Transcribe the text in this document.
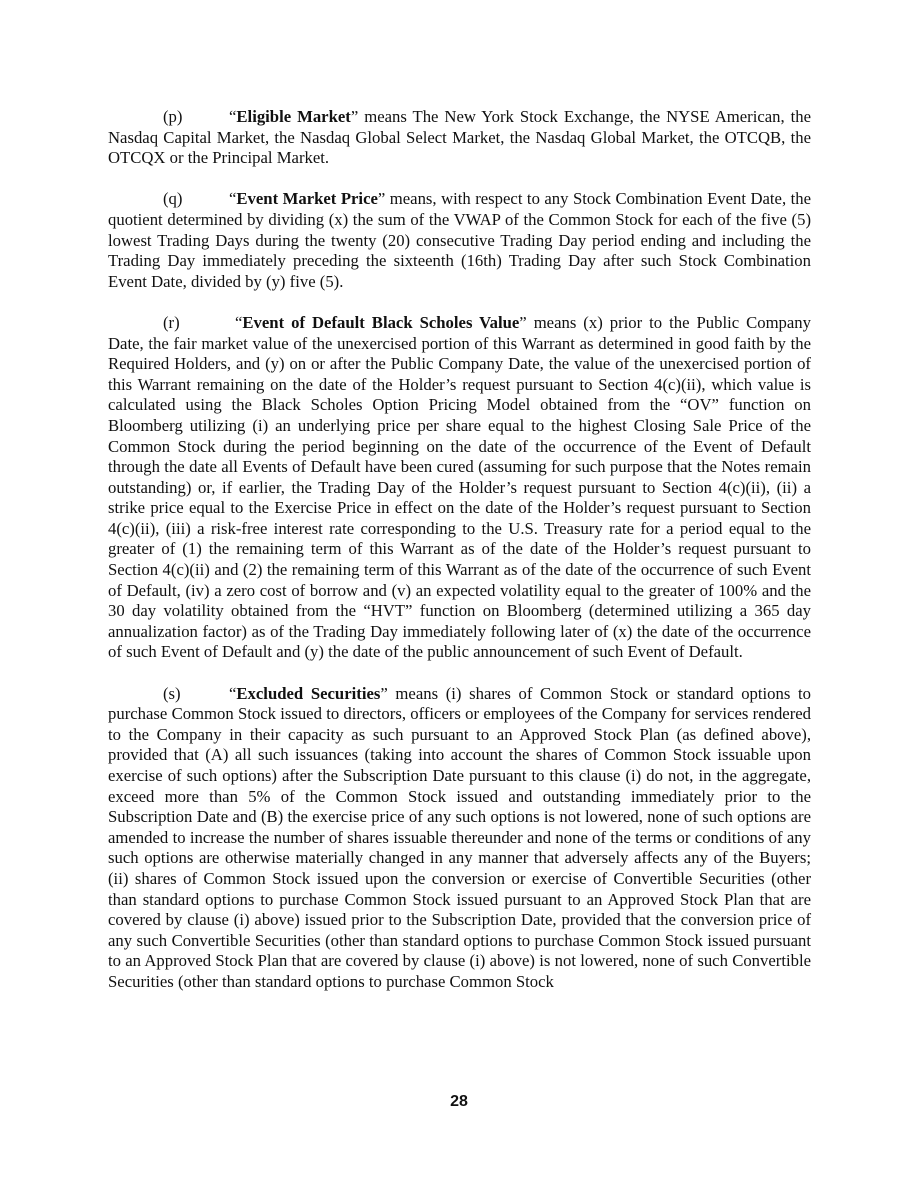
(p)	“Eligible Market” means The New York Stock Exchange, the NYSE American, the Nasdaq Capital Market, the Nasdaq Global Select Market, the Nasdaq Global Market, the OTCQB, the OTCQX or the Principal Market.

(q)	“Event Market Price” means, with respect to any Stock Combination Event Date, the quotient determined by dividing (x) the sum of the VWAP of the Common Stock for each of the five (5) lowest Trading Days during the twenty (20) consecutive Trading Day period ending and including the Trading Day immediately preceding the sixteenth (16th) Trading Day after such Stock Combination Event Date, divided by (y) five (5).

(r)	“Event of Default Black Scholes Value” means (x) prior to the Public Company Date, the fair market value of the unexercised portion of this Warrant as determined in good faith by the Required Holders, and (y) on or after the Public Company Date, the value of the unexercised portion of this Warrant remaining on the date of the Holder’s request pursuant to Section 4(c)(ii), which value is calculated using the Black Scholes Option Pricing Model obtained from the “OV” function on Bloomberg utilizing (i) an underlying price per share equal to the highest Closing Sale Price of the Common Stock during the period beginning on the date of the occurrence of the Event of Default through the date all Events of Default have been cured (assuming for such purpose that the Notes remain outstanding) or, if earlier, the Trading Day of the Holder’s request pursuant to Section 4(c)(ii), (ii) a strike price equal to the Exercise Price in effect on the date of the Holder’s request pursuant to Section 4(c)(ii), (iii) a risk-free interest rate corresponding to the U.S. Treasury rate for a period equal to the greater of (1) the remaining term of this Warrant as of the date of the Holder’s request pursuant to Section 4(c)(ii) and (2) the remaining term of this Warrant as of the date of the occurrence of such Event of Default, (iv) a zero cost of borrow and (v) an expected volatility equal to the greater of 100% and the 30 day volatility obtained from the “HVT” function on Bloomberg (determined utilizing a 365 day annualization factor) as of the Trading Day immediately following later of (x) the date of the occurrence of such Event of Default and (y) the date of the public announcement of such Event of Default.

(s)	“Excluded Securities” means (i) shares of Common Stock or standard options to purchase Common Stock issued to directors, officers or employees of the Company for services rendered to the Company in their capacity as such pursuant to an Approved Stock Plan (as defined above), provided that (A) all such issuances (taking into account the shares of Common Stock issuable upon exercise of such options) after the Subscription Date pursuant to this clause (i) do not, in the aggregate, exceed more than 5% of the Common Stock issued and outstanding immediately prior to the Subscription Date and (B) the exercise price of any such options is not lowered, none of such options are amended to increase the number of shares issuable thereunder and none of the terms or conditions of any such options are otherwise materially changed in any manner that adversely affects any of the Buyers; (ii) shares of Common Stock issued upon the conversion or exercise of Convertible Securities (other than standard options to purchase Common Stock issued pursuant to an Approved Stock Plan that are covered by clause (i) above) issued prior to the Subscription Date, provided that the conversion price of any such Convertible Securities (other than standard options to purchase Common Stock issued pursuant to an Approved Stock Plan that are covered by clause (i) above) is not lowered, none of such Convertible Securities (other than standard options to purchase Common Stock

28
